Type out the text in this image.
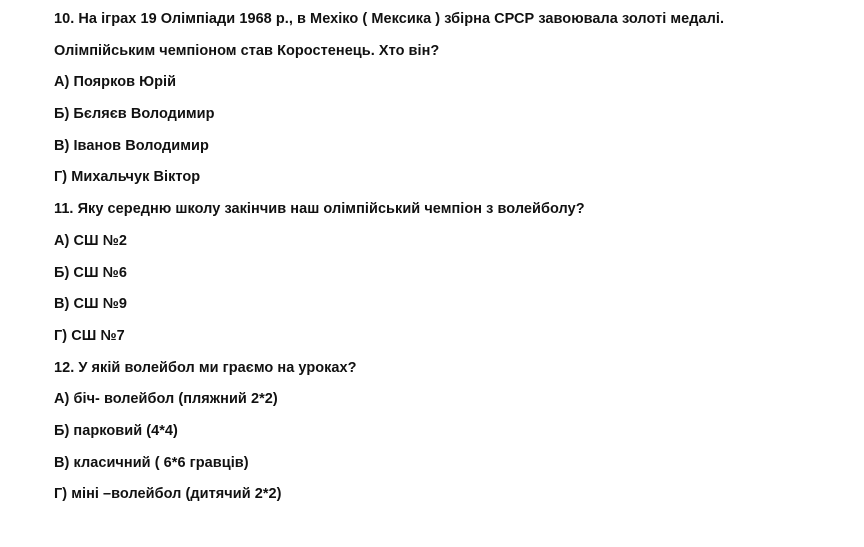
10. На іграх 19 Олімпіади 1968 р., в Мехіко ( Мексика ) збірна СРСР завоювала золоті медалі.
Олімпійським чемпіоном став Коростенець. Хто він?
А) Поярков Юрій
Б) Бєляєв Володимир
В) Іванов Володимир
Г) Михальчук Віктор
11. Яку середню школу закінчив наш олімпійський чемпіон з волейболу?
А) СШ №2
Б) СШ №6
В) СШ №9
Г) СШ №7
12. У якій волейбол ми граємо на уроках?
А) біч- волейбол (пляжний 2*2)
Б) парковий (4*4)
В) класичний ( 6*6 гравців)
Г) міні –волейбол (дитячий 2*2)
